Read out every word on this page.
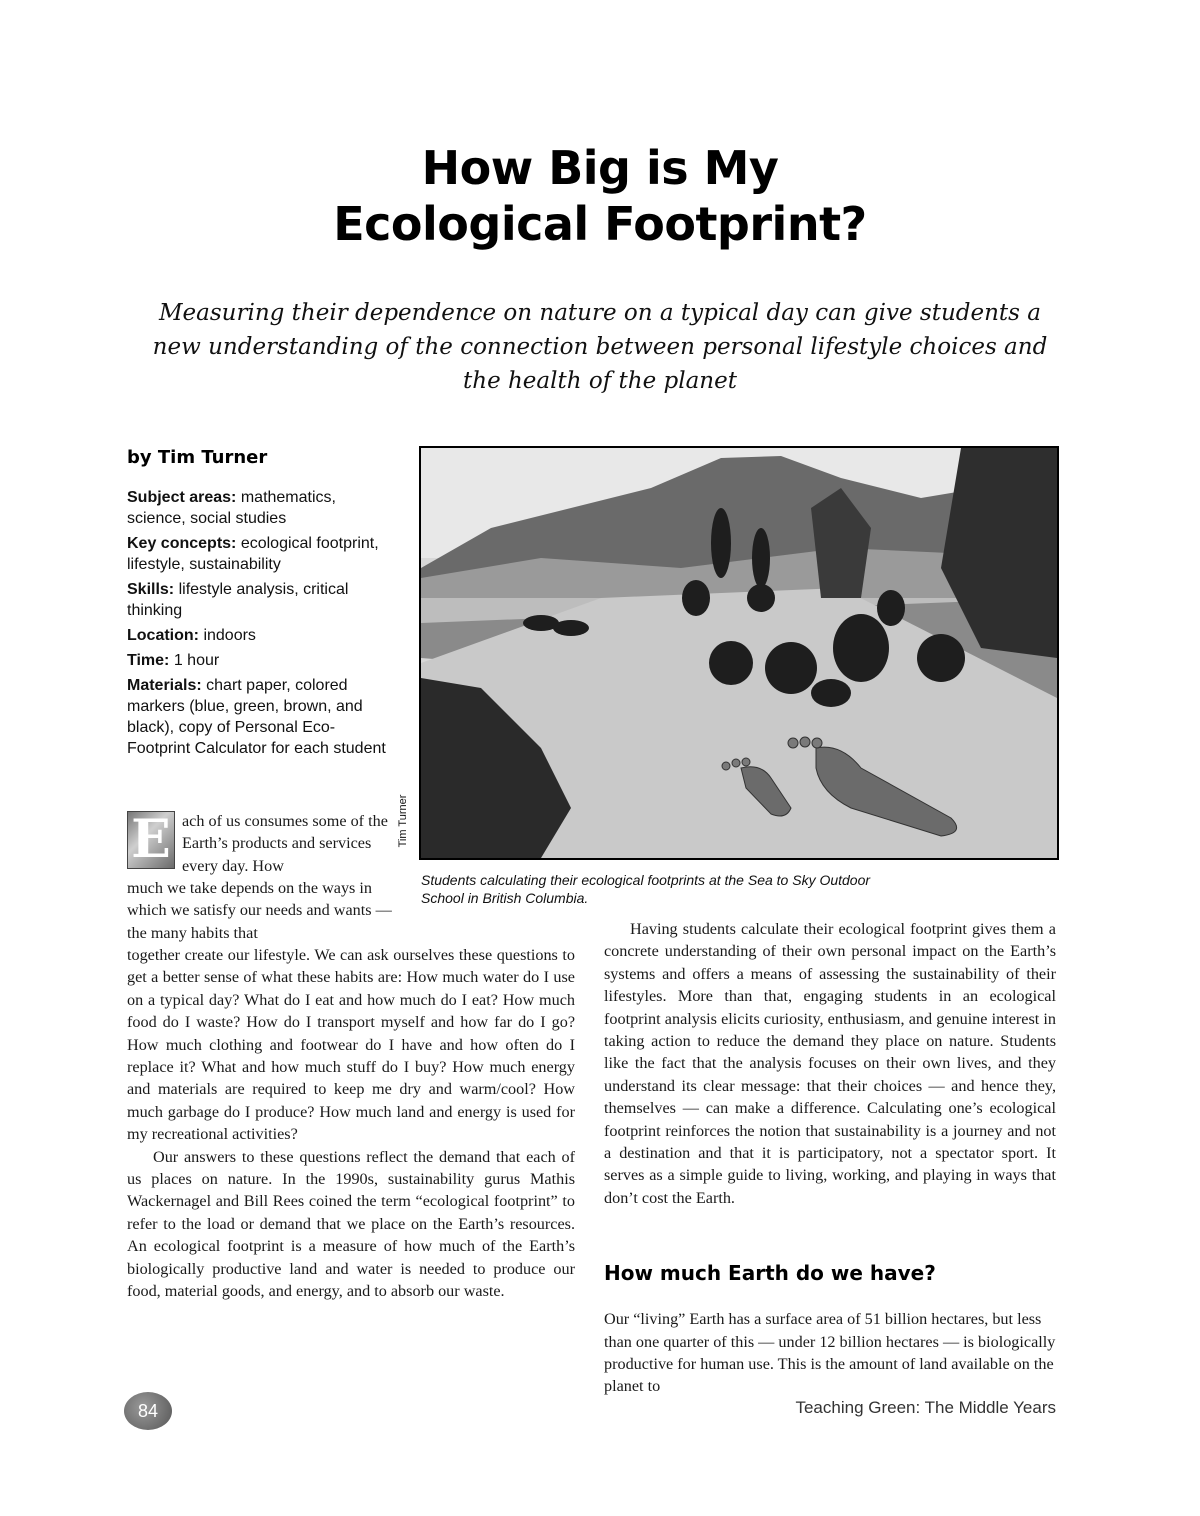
How Big is My
Ecological Footprint?
Measuring their dependence on nature on a typical day can give students a new understanding of the connection between personal lifestyle choices and the health of the planet
by Tim Turner

Subject areas: mathematics, science, social studies

Key concepts: ecological footprint, lifestyle, sustainability

Skills: lifestyle analysis, critical thinking

Location: indoors

Time: 1 hour

Materials: chart paper, colored markers (blue, green, brown, and black), copy of Personal Eco-Footprint Calculator for each student

Tim Turner
Students calculating their ecological footprints at the Sea to Sky Outdoor School in British Columbia.
E ach of us consumes some of the Earth’s products and services every day. How
much we take depends on the ways in which we satisfy our needs and wants — the many habits that

together create our lifestyle. We can ask ourselves these questions to get a better sense of what these habits are: How much water do I use on a typical day? What do I eat and how much do I eat? How much food do I waste? How do I transport myself and how far do I go? How much clothing and footwear do I have and how often do I replace it? What and how much stuff do I buy? How much energy and materials are required to keep me dry and warm/cool? How much garbage do I produce? How much land and energy is used for my recreational activities?

Our answers to these questions reflect the demand that each of us places on nature. In the 1990s, sustainability gurus Mathis Wackernagel and Bill Rees coined the term “ecological footprint” to refer to the load or demand that we place on the Earth’s resources. An ecological footprint is a measure of how much of the Earth’s biologically productive land and water is needed to produce our food, material goods, and energy, and to absorb our waste.

Having students calculate their ecological footprint gives them a concrete understanding of their own personal impact on the Earth’s systems and offers a means of assessing the sustainability of their lifestyles. More than that, engaging students in an ecological footprint analysis elicits curiosity, enthusiasm, and genuine interest in taking action to reduce the demand they place on nature. Students like the fact that the analysis focuses on their own lives, and they understand its clear message: that their choices — and hence they, themselves — can make a difference. Calculating one’s ecological footprint reinforces the notion that sustainability is a journey and not a destination and that it is participatory, not a spectator sport. It serves as a simple guide to living, working, and playing in ways that don’t cost the Earth.

How much Earth do we have?

Our “living” Earth has a surface area of 51 billion hectares, but less than one quarter of this — under 12 billion hectares — is biologically productive for human use. This is the amount of land available on the planet to

84	Teaching Green: The Middle Years
